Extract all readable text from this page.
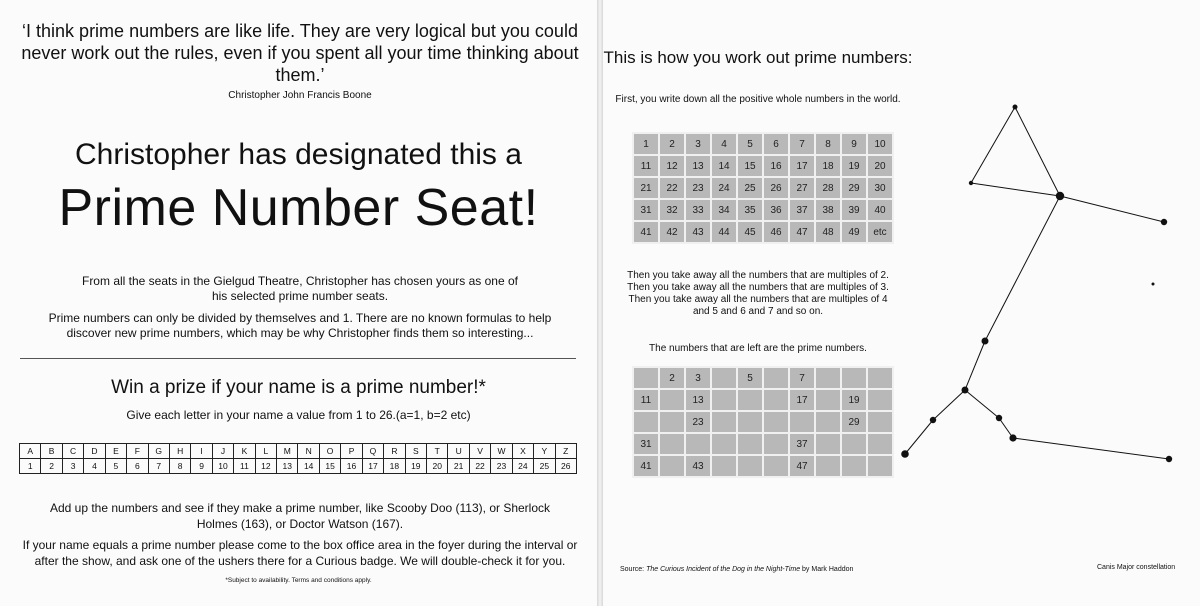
‘I think prime numbers are like life. They are very logical but you could never work out the rules, even if you spent all your time thinking about them.’
Christopher John Francis Boone
Christopher has designated this a
Prime Number Seat!
From all the seats in the Gielgud Theatre, Christopher has chosen yours as one of his selected prime number seats.
Prime numbers can only be divided by themselves and 1. There are no known formulas to help discover new prime numbers, which may be why Christopher finds them so interesting...
Win a prize if your name is a prime number!*
Give each letter in your name a value from 1 to 26.(a=1, b=2 etc)
A	B	C	D	E	F	G	H	I	J	K	L	M	N	O	P	Q	R	S	T	U	V	W	X	Y	Z
1	2	3	4	5	6	7	8	9	10	11	12	13	14	15	16	17	18	19	20	21	22	23	24	25	26
Add up the numbers and see if they make a prime number, like Scooby Doo (113), or Sherlock Holmes (163), or Doctor Watson (167).
If your name equals a prime number please come to the box office area in the foyer during the interval or after the show, and ask one of the ushers there for a Curious badge. We will double-check it for you.
*Subject to availability. Terms and conditions apply.
This is how you work out prime numbers:
First, you write down all the positive whole numbers in the world.
1	2	3	4	5	6	7	8	9	10
11	12	13	14	15	16	17	18	19	20
21	22	23	24	25	26	27	28	29	30
31	32	33	34	35	36	37	38	39	40
41	42	43	44	45	46	47	48	49	etc
Then you take away all the numbers that are multiples of 2. Then you take away all the numbers that are multiples of 3. Then you take away all the numbers that are multiples of 4 and 5 and 6 and 7 and so on.
The numbers that are left are the prime numbers.
	2	3		5		7			
11		13				17		19	
		23						29	
31						37			
41		43				47			
Source: The Curious Incident of the Dog in the Night-Time by Mark Haddon	Canis Major constellation
